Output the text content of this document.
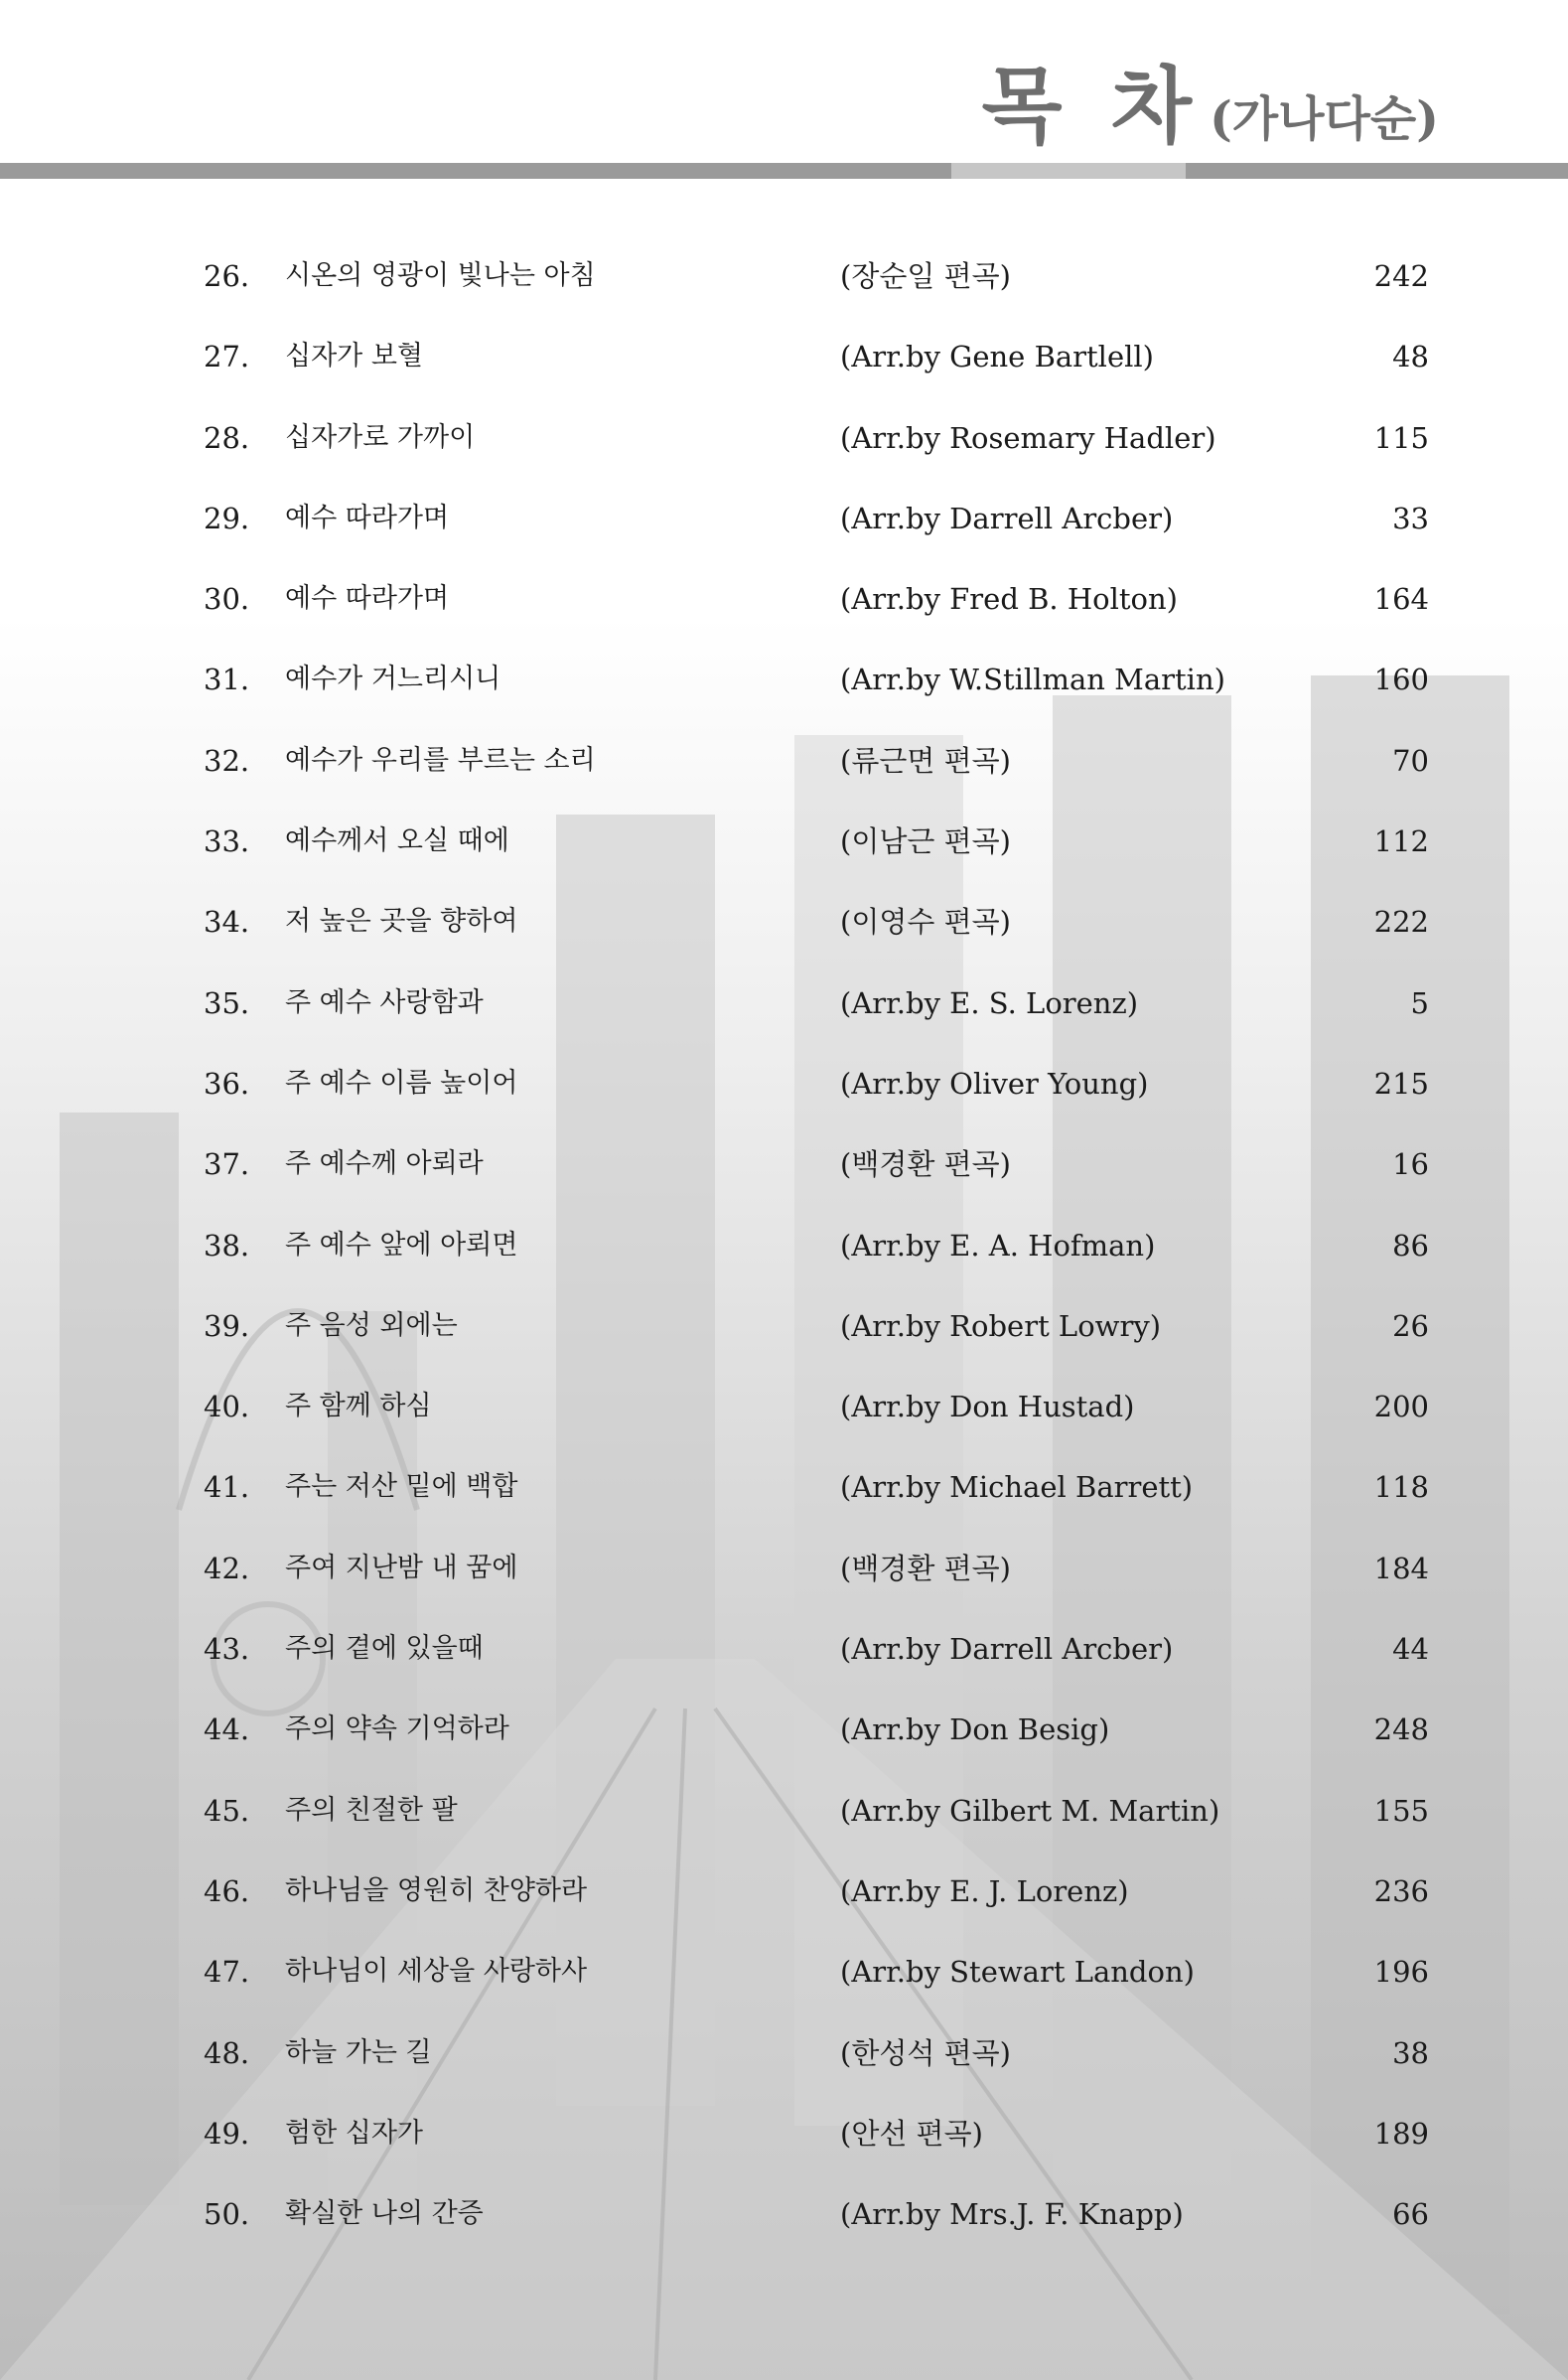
목 차 (가나다순)
26. 시온의 영광이 빛나는 아침	(장순일 편곡)	242
27. 십자가 보혈	(Arr.by Gene Bartlell)	48
28. 십자가로 가까이	(Arr.by Rosemary Hadler)	115
29. 예수 따라가며	(Arr.by Darrell Arcber)	33
30. 예수 따라가며	(Arr.by Fred B. Holton)	164
31. 예수가 거느리시니	(Arr.by W.Stillman Martin)	160
32. 예수가 우리를 부르는 소리	(류근면 편곡)	70
33. 예수께서 오실 때에	(이남근 편곡)	112
34. 저 높은 곳을 향하여	(이영수 편곡)	222
35. 주 예수 사랑함과	(Arr.by E. S. Lorenz)	5
36. 주 예수 이름 높이어	(Arr.by Oliver Young)	215
37. 주 예수께 아뢰라	(백경환 편곡)	16
38. 주 예수 앞에 아뢰면	(Arr.by E. A. Hofman)	86
39. 주 음성 외에는	(Arr.by Robert Lowry)	26
40. 주 함께 하심	(Arr.by Don Hustad)	200
41. 주는 저산 밑에 백합	(Arr.by Michael Barrett)	118
42. 주여 지난밤 내 꿈에	(백경환 편곡)	184
43. 주의 곁에 있을때	(Arr.by Darrell Arcber)	44
44. 주의 약속 기억하라	(Arr.by Don Besig)	248
45. 주의 친절한 팔	(Arr.by Gilbert M. Martin)	155
46. 하나님을 영원히 찬양하라	(Arr.by E. J. Lorenz)	236
47. 하나님이 세상을 사랑하사	(Arr.by Stewart Landon)	196
48. 하늘 가는 길	(한성석 편곡)	38
49. 험한 십자가	(안선 편곡)	189
50. 확실한 나의 간증	(Arr.by Mrs.J. F. Knapp)	66
